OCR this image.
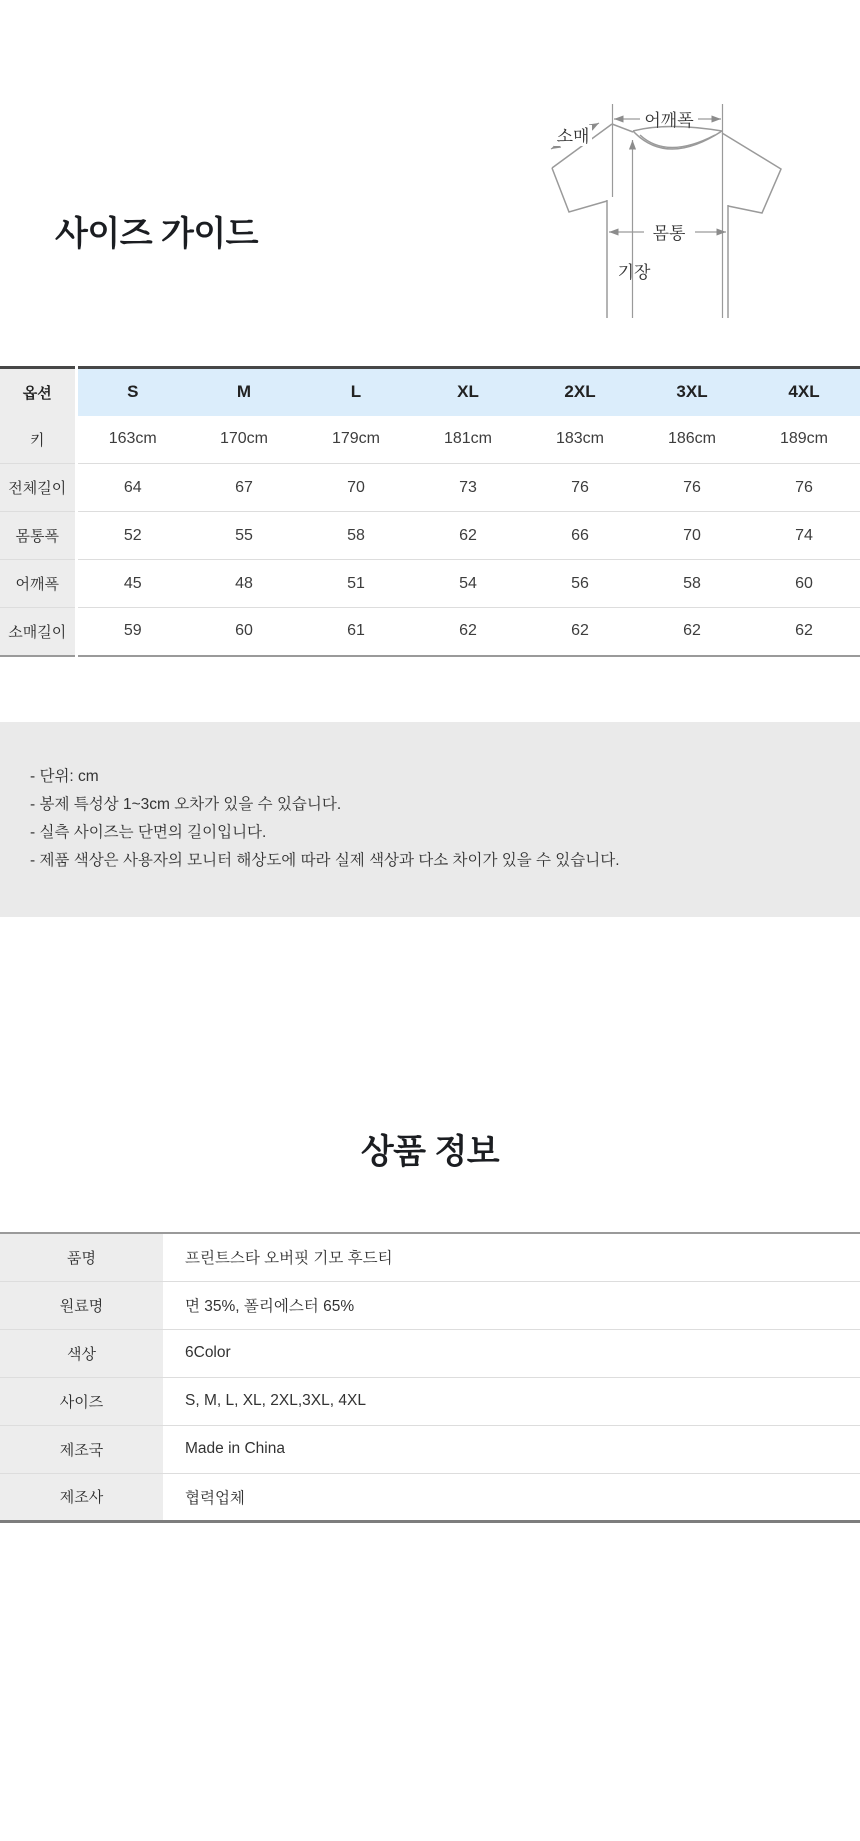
사이즈 가이드
소매
어깨폭
몸통
기장
옵션	S	M	L	XL	2XL	3XL	4XL
키	163cm	170cm	179cm	181cm	183cm	186cm	189cm
전체길이	64	67	70	73	76	76	76
몸통폭	52	55	58	62	66	70	74
어깨폭	45	48	51	54	56	58	60
소매길이	59	60	61	62	62	62	62
- 단위: cm
- 봉제 특성상 1~3cm 오차가 있을 수 있습니다.
- 실측 사이즈는 단면의 길이입니다.
- 제품 색상은 사용자의 모니터 해상도에 따라 실제 색상과 다소 차이가 있을 수 있습니다.
상품 정보
품명	프린트스타 오버핏 기모 후드티
원료명	면 35%, 폴리에스터 65%
색상	6Color
사이즈	S, M, L, XL, 2XL,3XL, 4XL
제조국	Made in China
제조사	협력업체
